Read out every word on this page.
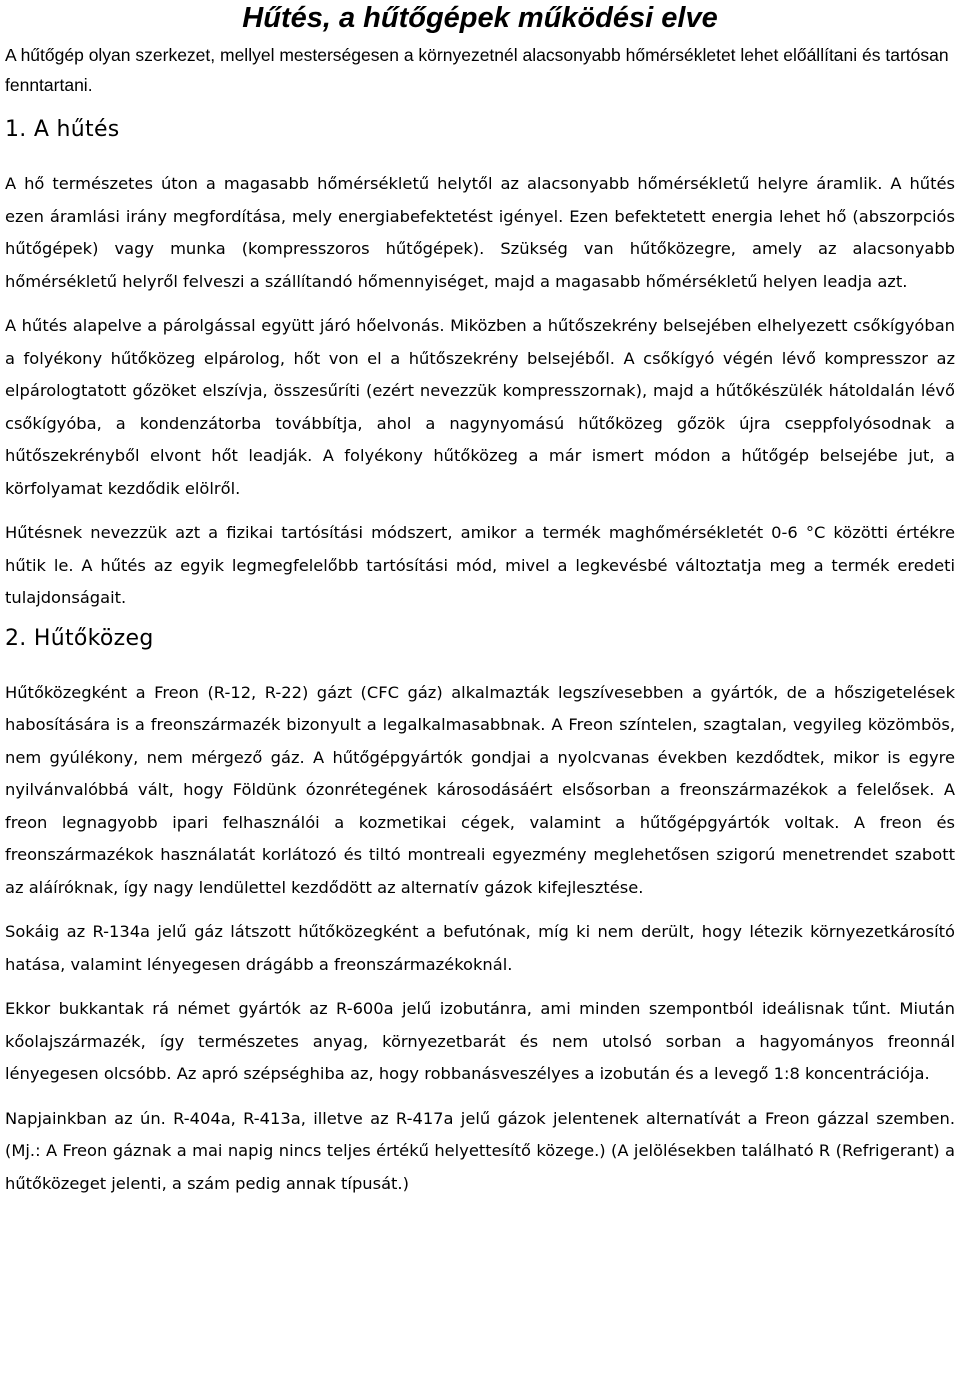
Hűtés, a hűtőgépek működési elve
A hűtőgép olyan szerkezet, mellyel mesterségesen a környezetnél alacsonyabb hőmérsékletet lehet előállítani és tartósan fenntartani.
1. A hűtés

A hő természetes úton a magasabb hőmérsékletű helytől az alacsonyabb hőmérsékletű helyre áramlik. A hűtés ezen áramlási irány megfordítása, mely energiabefektetést igényel. Ezen befektetett energia lehet hő (abszorpciós hűtőgépek) vagy munka (kompresszoros hűtőgépek). Szükség van hűtőközegre, amely az alacsonyabb hőmérsékletű helyről felveszi a szállítandó hőmennyiséget, majd a magasabb hőmérsékletű helyen leadja azt.

A hűtés alapelve a párolgással együtt járó hőelvonás. Miközben a hűtőszekrény belsejében elhelyezett csőkígyóban a folyékony hűtőközeg elpárolog, hőt von el a hűtőszekrény belsejéből. A csőkígyó végén lévő kompresszor az elpárologtatott gőzöket elszívja, összesűríti (ezért nevezzük kompresszornak), majd a hűtőkészülék hátoldalán lévő csőkígyóba, a kondenzátorba továbbítja, ahol a nagynyomású hűtőközeg gőzök újra cseppfolyósodnak a hűtőszekrényből elvont hőt leadják. A folyékony hűtőközeg a már ismert módon a hűtőgép belsejébe jut, a körfolyamat kezdődik elölről.

Hűtésnek nevezzük azt a fizikai tartósítási módszert, amikor a termék maghőmérsékletét 0-6 °C közötti értékre hűtik le. A hűtés az egyik legmegfelelőbb tartósítási mód, mivel a legkevésbé változtatja meg a termék eredeti tulajdonságait.

2. Hűtőközeg

Hűtőközegként a Freon (R-12, R-22) gázt (CFC gáz) alkalmazták legszívesebben a gyártók, de a hőszigetelések habosítására is a freonszármazék bizonyult a legalkalmasabbnak. A Freon színtelen, szagtalan, vegyileg közömbös, nem gyúlékony, nem mérgező gáz. A hűtőgépgyártók gondjai a nyolcvanas években kezdődtek, mikor is egyre nyilvánvalóbbá vált, hogy Földünk ózonrétegének károsodásáért elsősorban a freonszármazékok a felelősek. A freon legnagyobb ipari felhasználói a kozmetikai cégek, valamint a hűtőgépgyártók voltak. A freon és freonszármazékok használatát korlátozó és tiltó montreali egyezmény meglehetősen szigorú menetrendet szabott az aláíróknak, így nagy lendülettel kezdődött az alternatív gázok kifejlesztése.

Sokáig az R-134a jelű gáz látszott hűtőközegként a befutónak, míg ki nem derült, hogy létezik környezetkárosító hatása, valamint lényegesen drágább a freonszármazékoknál.

Ekkor bukkantak rá német gyártók az R-600a jelű izobutánra, ami minden szempontból ideálisnak tűnt. Miután kőolajszármazék, így természetes anyag, környezetbarát és nem utolsó sorban a hagyományos freonnál lényegesen olcsóbb. Az apró szépséghiba az, hogy robbanásveszélyes a izobután és a levegő 1:8 koncentrációja.

Napjainkban az ún. R-404a, R-413a, illetve az R-417a jelű gázok jelentenek alternatívát a Freon gázzal szemben. (Mj.: A Freon gáznak a mai napig nincs teljes értékű helyettesítő közege.) (A jelölésekben található R (Refrigerant) a hűtőközeget jelenti, a szám pedig annak típusát.)
